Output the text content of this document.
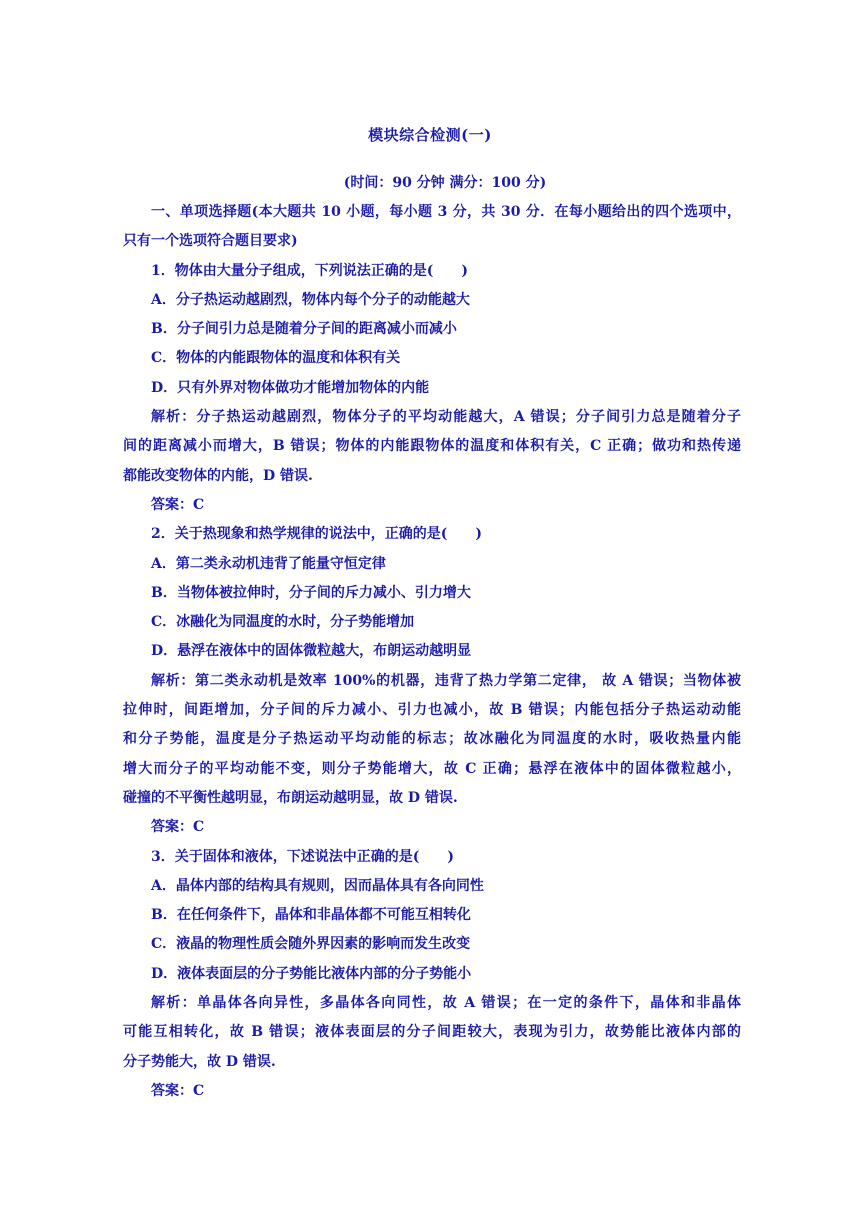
模块综合检测(一)
(时间：90 分钟 满分：100 分)
一、单项选择题(本大题共 10 小题，每小题 3 分，共 30 分．在每小题给出的四个选项中，
只有一个选项符合题目要求)
1．物体由大量分子组成，下列说法正确的是(　　)
A．分子热运动越剧烈，物体内每个分子的动能越大
B．分子间引力总是随着分子间的距离减小而减小
C．物体的内能跟物体的温度和体积有关
D．只有外界对物体做功才能增加物体的内能
解析：分子热运动越剧烈，物体分子的平均动能越大，A 错误；分子间引力总是随着分子
间的距离减小而增大，B 错误；物体的内能跟物体的温度和体积有关，C 正确；做功和热传递
都能改变物体的内能，D 错误.
答案：C
2．关于热现象和热学规律的说法中，正确的是(　　)
A．第二类永动机违背了能量守恒定律
B．当物体被拉伸时，分子间的斥力减小、引力增大
C．冰融化为同温度的水时，分子势能增加
D．悬浮在液体中的固体微粒越大，布朗运动越明显
解析：第二类永动机是效率 100%的机器，违背了热力学第二定律， 故 A 错误；当物体被
拉伸时，间距增加，分子间的斥力减小、引力也减小，故 B 错误；内能包括分子热运动动能
和分子势能，温度是分子热运动平均动能的标志；故冰融化为同温度的水时，吸收热量内能
增大而分子的平均动能不变，则分子势能增大，故 C 正确；悬浮在液体中的固体微粒越小，
碰撞的不平衡性越明显，布朗运动越明显，故 D 错误.
答案：C
3．关于固体和液体，下述说法中正确的是(　　)
A．晶体内部的结构具有规则，因而晶体具有各向同性
B．在任何条件下，晶体和非晶体都不可能互相转化
C．液晶的物理性质会随外界因素的影响而发生改变
D．液体表面层的分子势能比液体内部的分子势能小
解析：单晶体各向异性，多晶体各向同性，故 A 错误；在一定的条件下，晶体和非晶体
可能互相转化，故 B 错误；液体表面层的分子间距较大，表现为引力，故势能比液体内部的
分子势能大，故 D 错误.
答案：C
